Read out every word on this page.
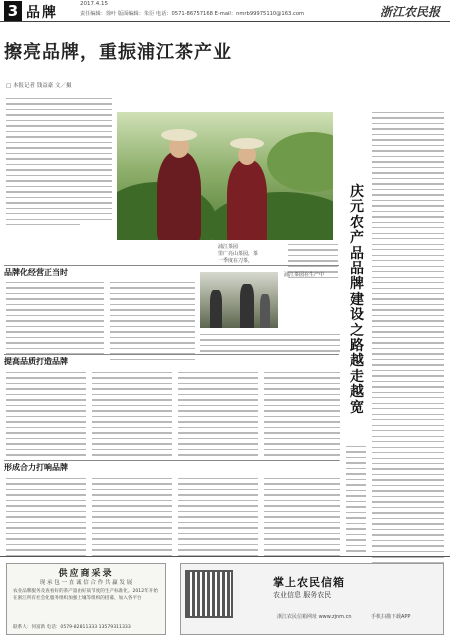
3 品牌
2017.4.15
责任编辑：徐叶 版面编辑：朱臣 电话：0571-86757168 E-mail：nmrb99975110@163.com	浙江农民报
擦亮品牌，重振浦江茶产业
□ 本报记者 钱益豪 文／摄
浦江茶园
里广亮山茶园，茶
一季度在刀茶，
庆元农产品品牌建设之路越走越宽
品牌化经营正当时	浦江茶园在生产中
提高品质打造品牌
形成合力打响品牌
供应商采录
现 承 包 一 直 诚 信 合 作 共 赢 发 展
农业品牌服务及查看好的茶产量由好质节度的生产标准化。2012年开始在浙江所有社会化服务组织加强土壤等组织的招募，加入各平台
联系人：何富新 电话：0579-82811333 13579311333
掌上农民信箱
农业信息 服务农民
浙江农民信箱网址 www.zjnm.cn	手机扫描下载APP
